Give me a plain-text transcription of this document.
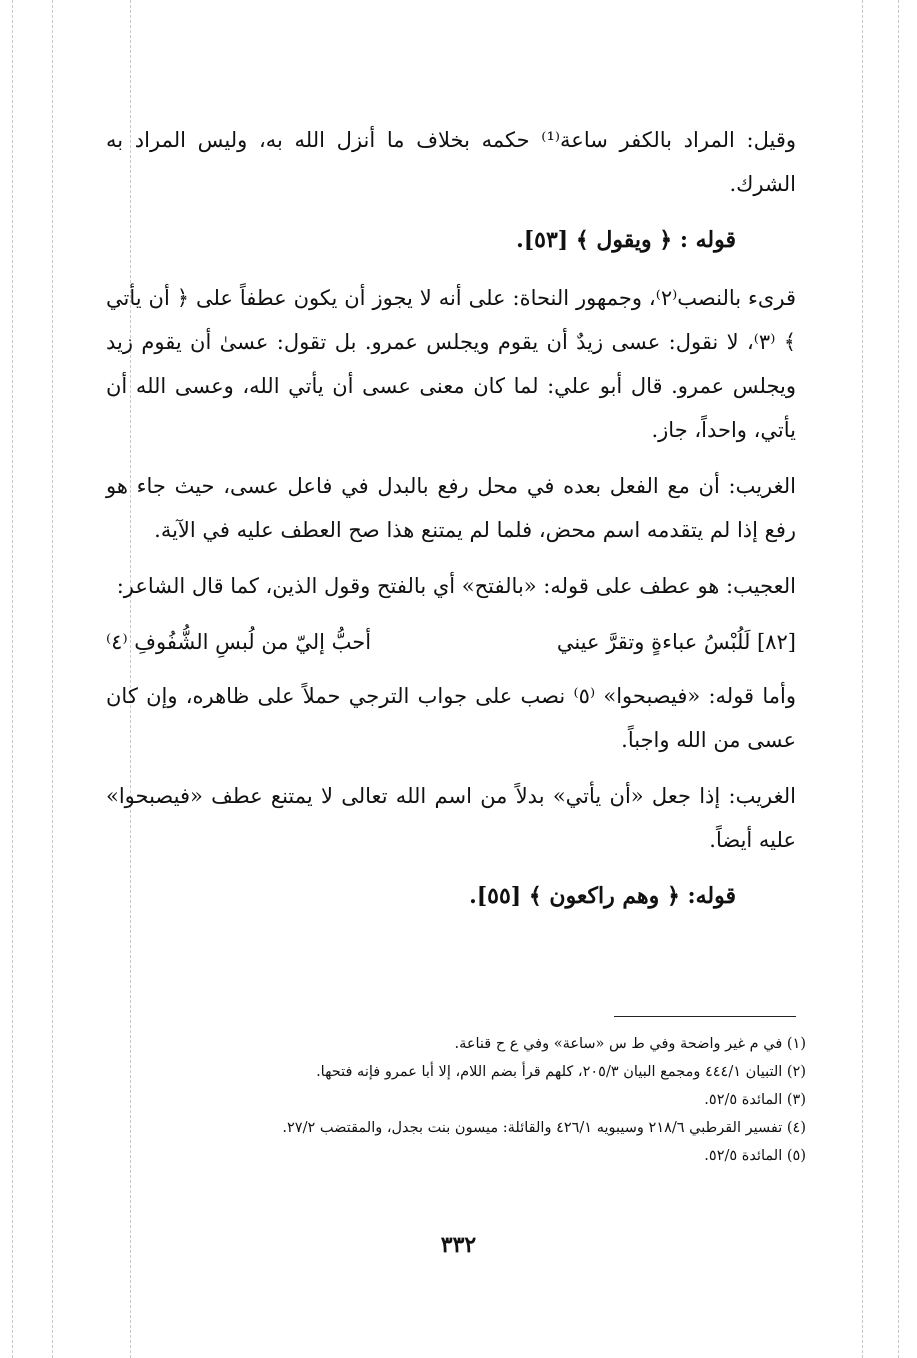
وقيل: المراد بالكفر ساعة⁽¹⁾ حكمه بخلاف ما أنزل الله به، وليس المراد به الشرك.

قوله : ﴿ ويقول ﴾ [٥٣].

قرىء بالنصب⁽٢⁾، وجمهور النحاة: على أنه لا يجوز أن يكون عطفاً على ﴿ أن يأتي ﴾ ⁽٣⁾، لا نقول: عسى زيدٌ أن يقوم ويجلس عمرو. بل تقول: عسىٰ أن يقوم زيد ويجلس عمرو. قال أبو علي: لما كان معنى عسى أن يأتي الله، وعسى الله أن يأتي، واحداً، جاز.

الغريب: أن مع الفعل بعده في محل رفع بالبدل في فاعل عسى، حيث جاء هو رفع إذا لم يتقدمه اسم محض، فلما لم يمتنع هذا صح العطف عليه في الآية.

العجيب: هو عطف على قوله: «بالفتح» أي بالفتح وقول الذين، كما قال الشاعر:

[٨٢] لَلُبْسُ عباءةٍ وتقرَّ عيني
أحبُّ إليّ من لُبسِ الشُّفُوفِ ⁽٤⁾

وأما قوله: «فيصبحوا» ⁽٥⁾ نصب على جواب الترجي حملاً على ظاهره، وإن كان عسى من الله واجباً.

الغريب: إذا جعل «أن يأتي» بدلاً من اسم الله تعالى لا يمتنع عطف «فيصبحوا» عليه أيضاً.

قوله: ﴿ وهم راكعون ﴾ [٥٥].

(١) في م غير واضحة وفي ط س «ساعة» وفي ع ح قناعة.

(٢) التبيان ٤٤٤/١ ومجمع البيان ٢٠٥/٣، كلهم قرأ بضم اللام، إلا أبا عمرو فإنه فتحها.

(٣) المائدة ٥٢/٥.

(٤) تفسير القرطبي ٢١٨/٦ وسيبويه ٤٢٦/١ والقائلة: ميسون بنت بجدل، والمقتضب ٢٧/٢.

(٥) المائدة ٥٢/٥.

٣٣٢
